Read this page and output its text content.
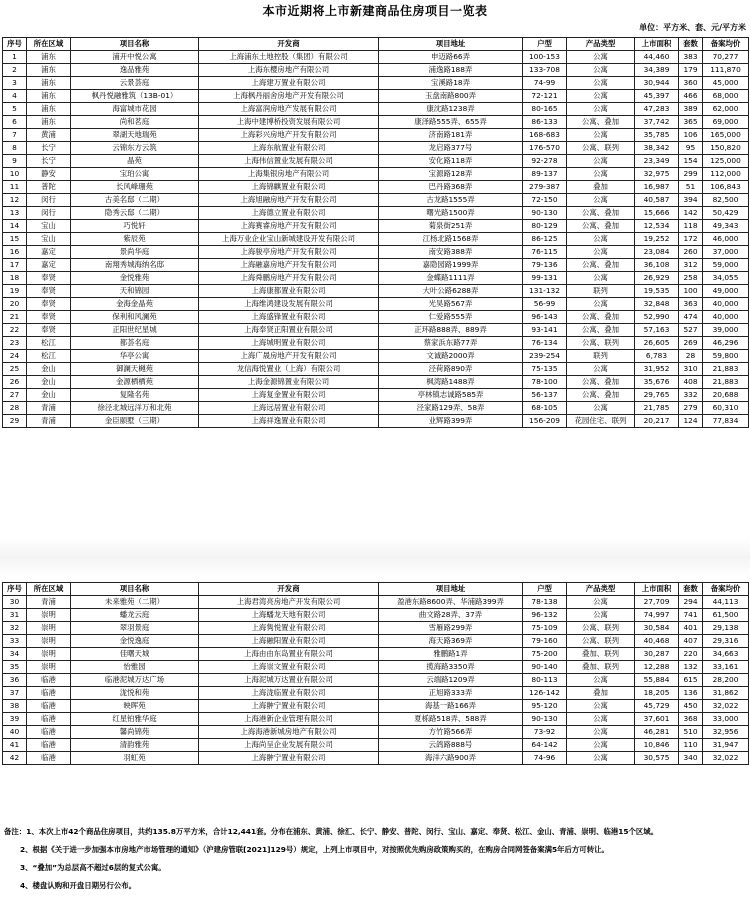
本市近期将上市新建商品住房项目一览表
单位：平方米、套、元/平方米
序号	所在区域	项目名称	开发商	项目地址	户型	产品类型	上市面积	套数	备案均价
1	浦东	浦开中悦公寓	上海浦东土地控股（集团）有限公司	申迈路66弄	100-153	公寓	44,460	383	70,277
2	浦东	逸品雅苑	上海东樱房地产有限公司	浦逸路188弄	133-708	公寓	34,389	179	111,870
3	浦东	云景荟庭	上海建万置业有限公司	宝溪路18弄	74-99	公寓	30,944	360	45,000
4	浦东	枫丹悦融雅筑（13B-01）	上海枫丹丽舍房地产开发有限公司	玉盘南路800弄	72-121	公寓	45,397	466	68,000
5	浦东	海富城市花园	上海富润房地产发展有限公司	康沈路1238弄	80-165	公寓	47,283	389	62,000
6	浦东	尚和茗庭	上海中建博桥投资发展有限公司	康泽路555弄、655弄	86-133	公寓、叠加	37,742	365	69,000
7	黄浦	翠湖天地瑞苑	上海彩兴房地产开发有限公司	济南路181弄	168-683	公寓	35,785	106	165,000
8	长宁	云锦东方云筑	上海东航置业有限公司	龙启路377号	176-570	公寓、联列	38,342	95	150,820
9	长宁	晶苑	上海伟信置业发展有限公司	安化路118弄	92-278	公寓	23,349	154	125,000
10	静安	宝珀公寓	上海集银房地产有限公司	宝源路128弄	89-137	公寓	32,975	299	112,000
11	普陀	长风峰珊苑	上海锦麒置业有限公司	巴丹路368弄	279-387	叠加	16,987	51	106,843
12	闵行	古美名邸（二期）	上海旭融房地产开发有限公司	古龙路1555弄	72-150	公寓	40,587	394	82,500
13	闵行	隐秀云邸（二期）	上海德立置业有限公司	曙光路1500弄	90-130	公寓、叠加	15,666	142	50,429
14	宝山	巧悦轩	上海赛睿房地产开发有限公司	菊泉街251弄	80-129	公寓、叠加	12,534	118	49,343
15	宝山	紫辰苑	上海万业企业宝山新城建设开发有限公司	江杨北路1568弄	86-125	公寓	19,252	172	46,000
16	嘉定	景尚华庭	上海骏亭房地产开发有限公司	南安路388弄	76-115	公寓	23,084	260	37,000
17	嘉定	南翔秀城海纳名邸	上海融嘉房地产开发有限公司	嘉隐园路1999弄	79-136	公寓、叠加	36,108	312	59,000
18	奉贤	金悦雅苑	上海舜鹏房地产开发有限公司	金蝶路1111弄	99-131	公寓	26,929	258	34,055
19	奉贤	天和锦园	上海康都置业有限公司	大叶公路6288弄	131-132	联列	19,535	100	49,000
20	奉贤	金海金晶苑	上海维鸿建设发展有限公司	光昊路567弄	56-99	公寓	32,848	363	40,000
21	奉贤	保利和风澜苑	上海盛锋置业有限公司	仁爱路555弄	96-143	公寓、叠加	52,990	474	40,000
22	奉贤	正阳世纪星城	上海奉贤正阳置业有限公司	正环路888弄、889弄	93-141	公寓、叠加	57,163	527	39,000
23	松江	都荟名庭	上海城明置业有限公司	蔡家浜东路77弄	76-134	公寓、联列	26,605	269	46,296
24	松江	华亭公寓	上海广晟房地产开发有限公司	文诚路2000弄	239-254	联列	6,783	28	59,800
25	金山	御澜天樾苑	龙信海悦置业（上海）有限公司	泾荷路890弄	75-135	公寓	31,952	310	21,883
26	金山	金源栖栖苑	上海金源锦置业有限公司	枫湾路1488弄	78-100	公寓、叠加	35,676	408	21,883
27	金山	复隆名苑	上海复金置业有限公司	亭林镇志诚路585弄	56-137	公寓、叠加	29,765	332	20,688
28	青浦	徐泾北城远洋万和北苑	上海远居置业有限公司	泾家路129弄、58弄	68-105	公寓	21,785	279	60,310
29	青浦	金臣颐墅（三期）	上海祥逸置业有限公司	业辉路399弄	156-209	花园住宅、联列	20,217	124	77,834
序号	所在区域	项目名称	开发商	项目地址	户型	产品类型	上市面积	套数	备案均价
30	青浦	未来雅苑（二期）	上海君湾亮房地产开发有限公司	盈港东路8600弄、华浦路399弄	78-138	公寓	27,709	294	44,113
31	崇明	蟠龙云庭	上海蟠龙天地有限公司	曲文路28弄、37弄	96-132	公寓	74,997	741	61,500
32	崇明	翠羽景庭	上海隽悦置业有限公司	雪雁路299弄	75-109	公寓、联列	30,584	401	29,138
33	崇明	金悦逸庭	上海融阳置业有限公司	海天路369弄	79-160	公寓、联列	40,468	407	29,316
34	崇明	佳曙天城	上海由由东岛置业有限公司	雅鹏路1弄	75-200	叠加、联列	30,287	220	34,663
35	崇明	怡雅园	上海崇文置业有限公司	揽海路3350弄	90-140	叠加、联列	12,288	132	33,161
36	临港	临港泥城万达广场	上海泥城万达置业有限公司	云端路1209弄	80-113	公寓	55,884	615	28,200
37	临港	泷悦和苑	上海泷临置业有限公司	正旭路333弄	126-142	叠加	18,205	136	31,862
38	临港	映晖苑	上海翀宁置业有限公司	海基一路166弄	95-120	公寓	45,729	450	32,022
39	临港	红星铂雅华庭	上海港新企业管理有限公司	夏栎路518弄、588弄	90-130	公寓	37,601	368	33,000
40	临港	馨尚锦苑	上海海港新城房地产有限公司	方竹路566弄	73-92	公寓	46,281	510	32,956
41	临港	清韵雅苑	上海尚呈企业发展有限公司	云鸽路888号	64-142	公寓	10,846	110	31,947
42	临港	羽虹苑	上海翀宁置业有限公司	海洋六路900弄	74-96	公寓	30,575	340	32,022
备注：1、本次上市42个商品住房项目，共约135.8万平方米，合计12,441套。分布在浦东、黄浦、徐汇、长宁、静安、普陀、闵行、宝山、嘉定、奉贤、松江、金山、青浦、崇明、临港15个区域。
2、根据《关于进一步加强本市房地产市场管理的通知》（沪建房管联[2021]129号）规定，上列上市项目中，对按照优先购房政策购买的，在购房合同网签备案满5年后方可转让。
3、“叠加”为总层高不超过6层的复式公寓。
4、楼盘认购和开盘日期另行公布。
